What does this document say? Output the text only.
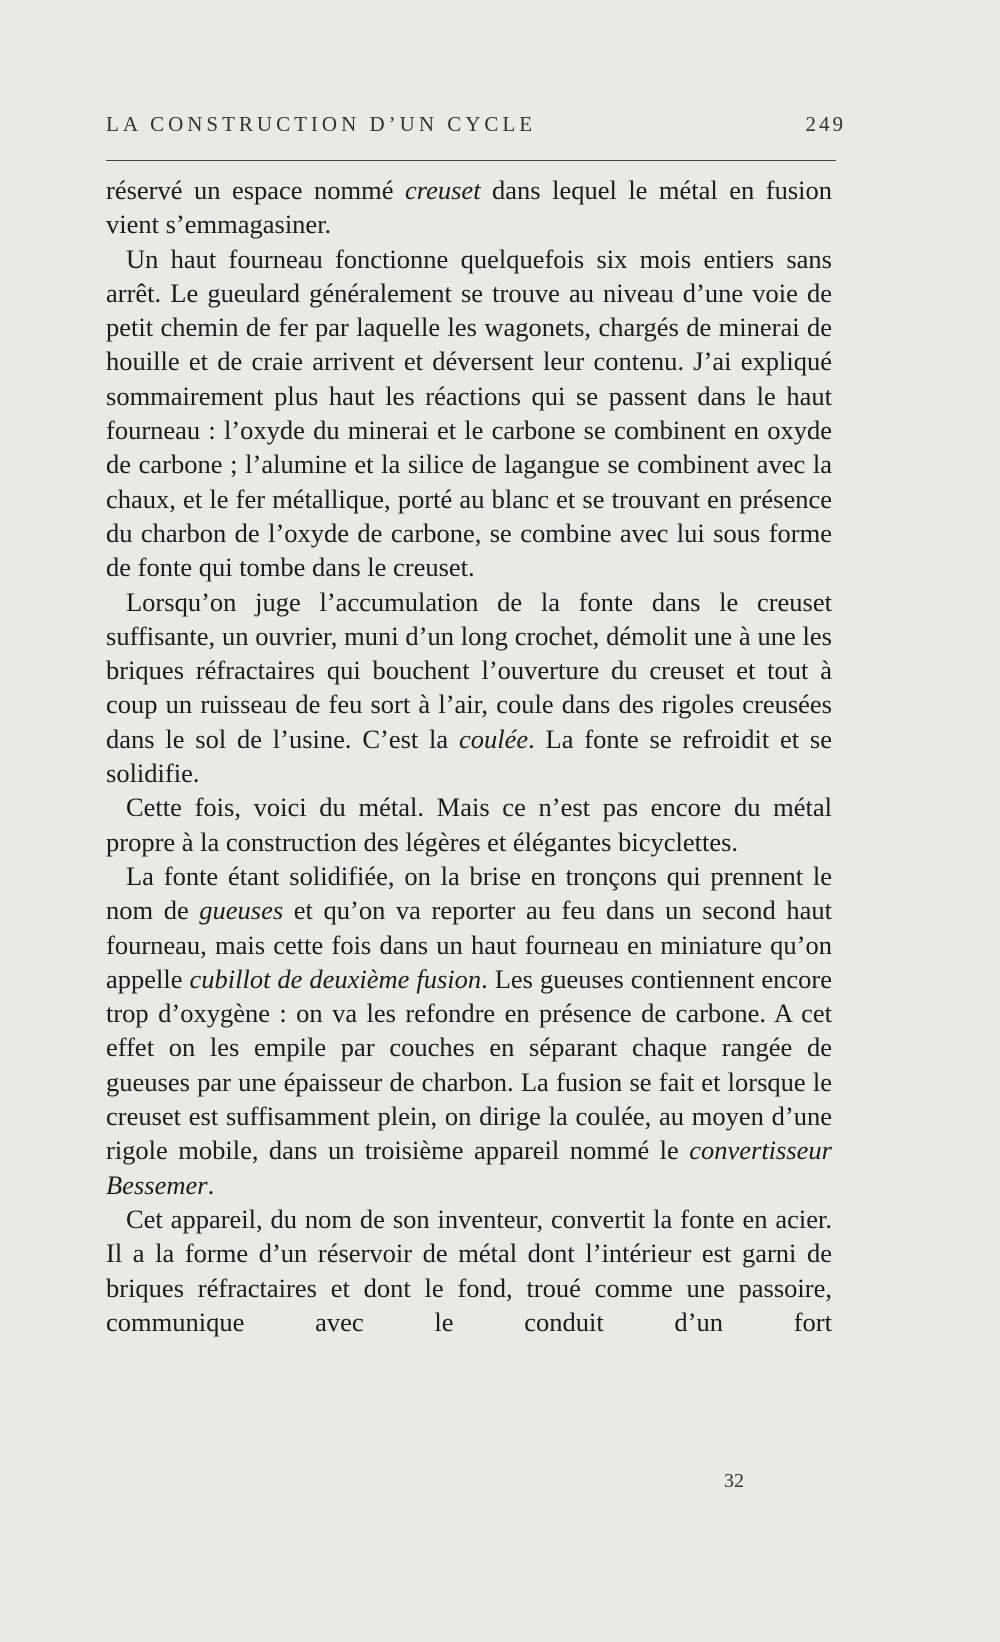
LA CONSTRUCTION D’UN CYCLE	249

réservé un espace nommé creuset dans lequel le métal en fusion vient s’emmagasiner.

Un haut fourneau fonctionne quelquefois six mois entiers sans arrêt. Le gueulard généralement se trouve au niveau d’une voie de petit chemin de fer par laquelle les wagonets, chargés de minerai de houille et de craie arrivent et déversent leur contenu. J’ai expliqué sommairement plus haut les réactions qui se passent dans le haut fourneau : l’oxyde du minerai et le carbone se combinent en oxyde de carbone ; l’alumine et la silice de lagangue se combinent avec la chaux, et le fer métallique, porté au blanc et se trouvant en présence du charbon de l’oxyde de carbone, se combine avec lui sous forme de fonte qui tombe dans le creuset.

Lorsqu’on juge l’accumulation de la fonte dans le creuset suffisante, un ouvrier, muni d’un long crochet, démolit une à une les briques réfractaires qui bouchent l’ouverture du creuset et tout à coup un ruisseau de feu sort à l’air, coule dans des rigoles creusées dans le sol de l’usine. C’est la coulée. La fonte se refroidit et se solidifie.

Cette fois, voici du métal. Mais ce n’est pas encore du métal propre à la construction des légères et élégantes bicyclettes.

La fonte étant solidifiée, on la brise en tronçons qui prennent le nom de gueuses et qu’on va reporter au feu dans un second haut fourneau, mais cette fois dans un haut fourneau en miniature qu’on appelle cubillot de deuxième fusion. Les gueuses contiennent encore trop d’oxygène : on va les refondre en présence de carbone. A cet effet on les empile par couches en séparant chaque rangée de gueuses par une épaisseur de charbon. La fusion se fait et lorsque le creuset est suffisamment plein, on dirige la coulée, au moyen d’une rigole mobile, dans un troisième appareil nommé le convertisseur Bessemer.

Cet appareil, du nom de son inventeur, convertit la fonte en acier. Il a la forme d’un réservoir de métal dont l’intérieur est garni de briques réfractaires et dont le fond, troué comme une passoire, communique avec le conduit d’un fort

32
